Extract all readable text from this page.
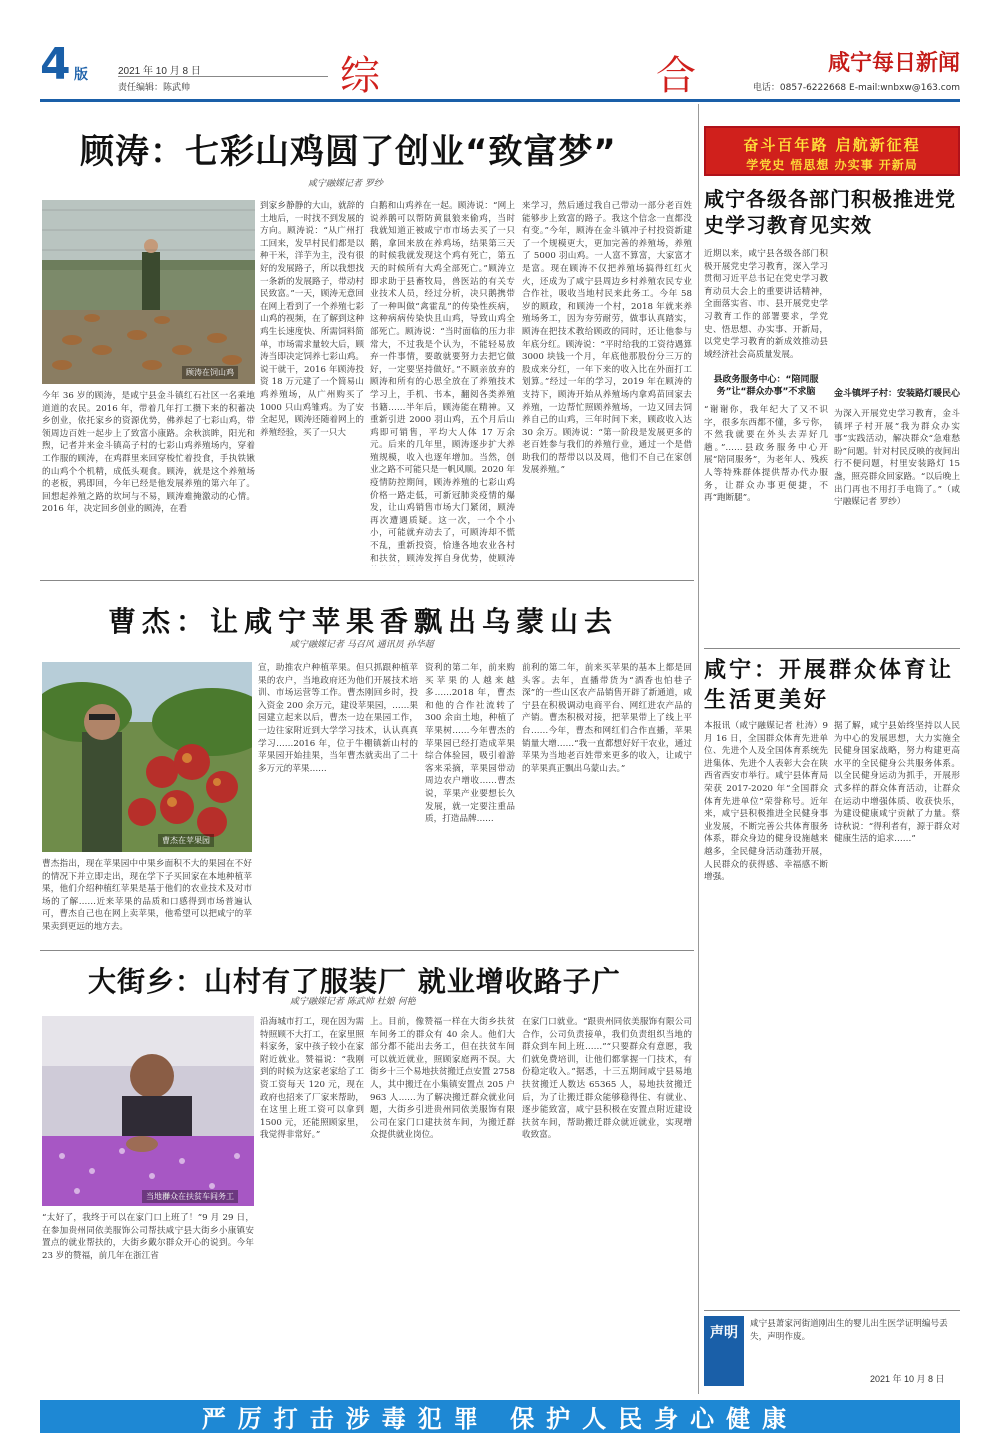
4 版	2021 年 10 月 8 日
责任编辑：陈武帅	综	合	咸宁每日新闻
电话：0857-6222668 E-mail:wnbxw@163.com
顾涛：七彩山鸡圆了创业“致富梦”
咸宁融媒记者 罗纱
顾涛在饲山鸡
今年 36 岁的顾涛，是咸宁县金斗镇红石社区一名乘地道道的农民。2016 年，带着几年打工攒下来的积蓄决乡创业，依托家乡的资源优势，佛养起了七彩山鸡，带领周边百姓一起步上了致富小康路。余秋滨眸，阳光和煦，记者并来金斗镇高子村的七彩山鸡养殖场内，穿着工作服的顾涛，在鸡群里来回穿梭忙着投食，手执铁锹的山鸡个个机精，成低头观食。顾涛，就是这个养殖场的老板，鸦即回，今年已经是他发展养殖的第六年了。回想起养殖之路的坎坷与不易，顾涛难掩激动的心情。2016 年，决定回乡创业的顾涛，在看
到家乡静静的大山，就辞的土地后，一时找不到发展的方向。顾涛说：“从广州打工回来，发早村民们都是以种干米，洋芋为主，没有很好的发展路子，所以我想找一条新的发展路子，带动村民致富。”一天，顾涛无意回在网上看到了一个养殖七彩山鸡的视频，在了解到这种鸡生长速度快、所需饲料简单，市场需求量较大后，顾涛当即决定饲养七彩山鸡。说干就干，2016 年顾涛投资 18 万元建了一个简易山鸡养殖场，从广州购买了 1000 只山鸡雏鸡。为了安全起见，顾涛还随着网上的养殖经验，买了一只大
白鹅和山鸡养在一起。顾涛说：“网上说养鹅可以帮防黄鼠狼来偷鸡，当时我就知道正被咸宁市市场去买了一只鹅，拿回来放在养鸡场，结果第三天的时候我就发现这个鸡有死亡，第五天的时候所有大鸡全部死亡。”顾涛立即求助于县畜牧局，兽医站的有关专业技术人员，经过分析，决只鹅携带了一种叫做“禽霍乱”的传染性疾病，这种病病传染快且山鸡，导致山鸡全部死亡。顾涛说：“当时面临的压力非常大，不过我是个认为，不能轻易放弃一件事情，要敢就要努力去把它做好，一定要坚持做好。”不顾亲放弃的顾涛和所有的心思全放在了养殖技术学习上，手机、书本，翻阅各类养殖书籍……半年后，顾涛能在精神。又重新引进 2000 羽山鸡，五个月后山鸡即可销售，平均大人体 17 万余元。后来的几年里，顾涛逐步扩大养殖规模，收入也逐年增加。当然，创业之路不可能只是一帆风顺。2020 年疫情防控期间，顾涛养殖的七彩山鸡价格一路走低，可新冠肺炎疫情的爆发，让山鸡销售市场大门紧闭，顾涛再次遭遇质疑。这一次，一个个小小，可能就弃动去了，可顾涛却不慌不乱，重新投资，恰逢各地农业各村和扶贫，顾涛发挥自身优势，使顾涛
来学习，然后通过我自己带动一部分老百姓能够步上致富的路子。我这个信念一直都没有变。”今年，顾涛在金斗镇冲子村投资新建了一个规模更大，更加完善的养殖场，养殖了 5000 羽山鸡。一人富不算富，大家富才是富。现在顾涛不仅把养殖场搞得红红火火，还成为了咸宁县周边乡村养殖农民专业合作社，吸收当地村民来此务工。今年 58 岁的顾政，和顾涛一个村，2018 年就来养殖场务工，因为夯劳耐劳，做事认真踏实，顾涛在把技术教给顾政的同时，还让他参与年底分红。顾涛说：“平时给我的工资待遇算 3000 块钱一个月，年底他那股份分三万的股成来分红，一年下来的收入比在外面打工划算。”经过一年的学习，2019 年在顾涛的支持下，顾涛开始从养殖场内拿鸡苗回家去养殖，一边帮忙照顾养殖场，一边又回去饲养自己的山鸡，三年时间下来，顾政收入达 30 余万。顾涛说：“第一阶段是发展更多的老百姓参与我们的养殖行业，通过一个是借助我们的帮带以以及周，他们不自己在家创发展养殖。”
曹杰：让咸宁苹果香飘出乌蒙山去
咸宁融媒记者 马召风 通讯员 孙华超
曹杰在苹果园
曹杰指出，现在苹果园中中果乡面积不大的果园在不好的情况下并立即走出，现在学下子买回家在本地种植苹果，他们介绍种植红苹果是基于他们的农业技术及对市场的了解……近来苹果的品质和口感得到市场普遍认可，曹杰自己也在网上卖苹果，他希望可以把咸宁的苹果卖到更远的地方去。
宣，助推农户种植苹果。但只抓跟种植苹果的农户，当地政府还为他们开展技术培训、市场运营等工作。曹杰刚回乡时，投入资金 200 余万元，建设苹果园，……果园建立起来以后，曹杰一边在果园工作，一边往家附近到大学学习技术，认认真真学习……2016 年，位于牛棚镇新山村的苹果园开始挂果，当年曹杰就卖出了二十多万元的苹果……
资利的第二年，前来购买苹果的人越来越多……2018 年，曹杰和他的合作社流转了 300 余亩土地，种植了苹果树……今年曹杰的苹果园已经打造成苹果综合体验园，吸引着游客来采摘，苹果园带动周边农户增收……曹杰说，苹果产业要想长久发展，就一定要注重品质，打造品牌……
前利的第二年，前来买苹果的基本上都是回头客。去年，直播带货为“酒香也怕巷子深”的一些山区农产品销售开辟了新通道，咸宁县在积极调动电商平台、网红进农产品的产销。曹杰积极对接，把苹果带上了线上平台……今年，曹杰和网红们合作直播，苹果销量大增……“我一直都想好好干农业，通过苹果为当地老百姓带来更多的收入，让咸宁的苹果真正飘出乌蒙山去。”
大街乡：山村有了服装厂 就业增收路子广
咸宁融媒记者 陈武帅 杜娘 何艳
当地群众在扶贫车间务工
“太好了，我终于可以在家门口上班了！”9 月 29 日，在参加贵州同依美服饰公司帮扶咸宁县大街乡小康镇安置点的就业帮扶的，大街乡戴尔群众开心的说到。今年 23 岁的赞福，前几年在浙江省
沿海城市打工，现在因为需特照顾不大打工，在家里照料家务，家中孩子较小在家附近就业。赞福说：“我刚到的时候为这家老家给了工资工资每天 120 元，现在政府也招来了厂家来帮助，在这里上班工资可以拿到 1500 元，还能照顾家里，我觉得非常好。”
上。目前，像赞福一样在大街乡扶贫车间务工的群众有 40 余人。他们大部分都不能出去务工，但在扶贫车间可以就近就业，照顾家庭两不误。大街乡十三个易地扶贫搬迁点安置 2758 人，其中搬迁在小集镇安置点 205 户 963 人……为了解决搬迁群众就业问题，大街乡引进贵州同依美服饰有限公司在家门口建扶贫车间，为搬迁群众提供就业岗位。
在家门口就业。“跟贵州同依美服饰有限公司合作，公司负责接单，我们负责组织当地的群众到车间上班……”“只要群众有意愿，我们就免费培训，让他们都掌握一门技术，有份稳定收入。”据悉，十三五期间咸宁县易地扶贫搬迁人数达 65365 人，易地扶贫搬迁后，为了让搬迁群众能够稳得住、有就业、逐步能致富，咸宁县积极在安置点附近建设扶贫车间，帮助搬迁群众就近就业，实现增收致富。
奋斗百年路 启航新征程
学党史 悟思想 办实事 开新局
咸宁各级各部门积极推进党史学习教育见实效
近期以来，咸宁县各级各部门积极开展党史学习教育，深入学习贯彻习近平总书记在党史学习教育动员大会上的重要讲话精神，全面落实省、市、县开展党史学习教育工作的部署要求，学党史、悟思想、办实事、开新局，以党史学习教育的新成效推动县域经济社会高质量发展。
县政务服务中心：“陪同服务”让“群众办事”不求脑
“谢谢你，我年纪大了又不识字，很多东西都不懂，多亏你，不然我就要在外头去弄好几趟。”……县政务服务中心开展“陪同服务”，为老年人、残疾人等特殊群体提供帮办代办服务，让群众办事更便捷，不再“跑断腿”。
金斗镇坪子村：安装路灯暖民心
为深入开展党史学习教育，金斗镇坪子村开展“我为群众办实事”实践活动，解决群众“急难愁盼”问题。针对村民反映的夜间出行不便问题，村里安装路灯 15 盏，照亮群众回家路。“以后晚上出门再也不用打手电筒了。”（咸宁融媒记者 罗纱）
咸宁：开展群众体育让生活更美好
本报讯（咸宁融媒记者 杜涛）9 月 16 日，全国群众体育先进单位、先进个人及全国体育系统先进集体、先进个人表彰大会在陕西省西安市举行。咸宁县体育局荣获 2017-2020 年“全国群众体育先进单位”荣誉称号。近年来，咸宁县积极推进全民健身事业发展，不断完善公共体育服务体系，群众身边的健身设施越来越多，全民健身活动蓬勃开展，人民群众的获得感、幸福感不断增强。
据了解，咸宁县始终坚持以人民为中心的发展思想，大力实施全民健身国家战略，努力构建更高水平的全民健身公共服务体系。以全民健身运动为抓手，开展形式多样的群众体育活动，让群众在运动中增强体质、收获快乐，为建设健康咸宁贡献了力量。蔡诗秋说：“得利者有，源于群众对健康生活的追求……”
声明
咸宁县萧家河街道刚出生的婴儿出生医学证明编号丢失，声明作废。
2021 年 10 月 8 日
严厉打击涉毒犯罪 保护人民身心健康
